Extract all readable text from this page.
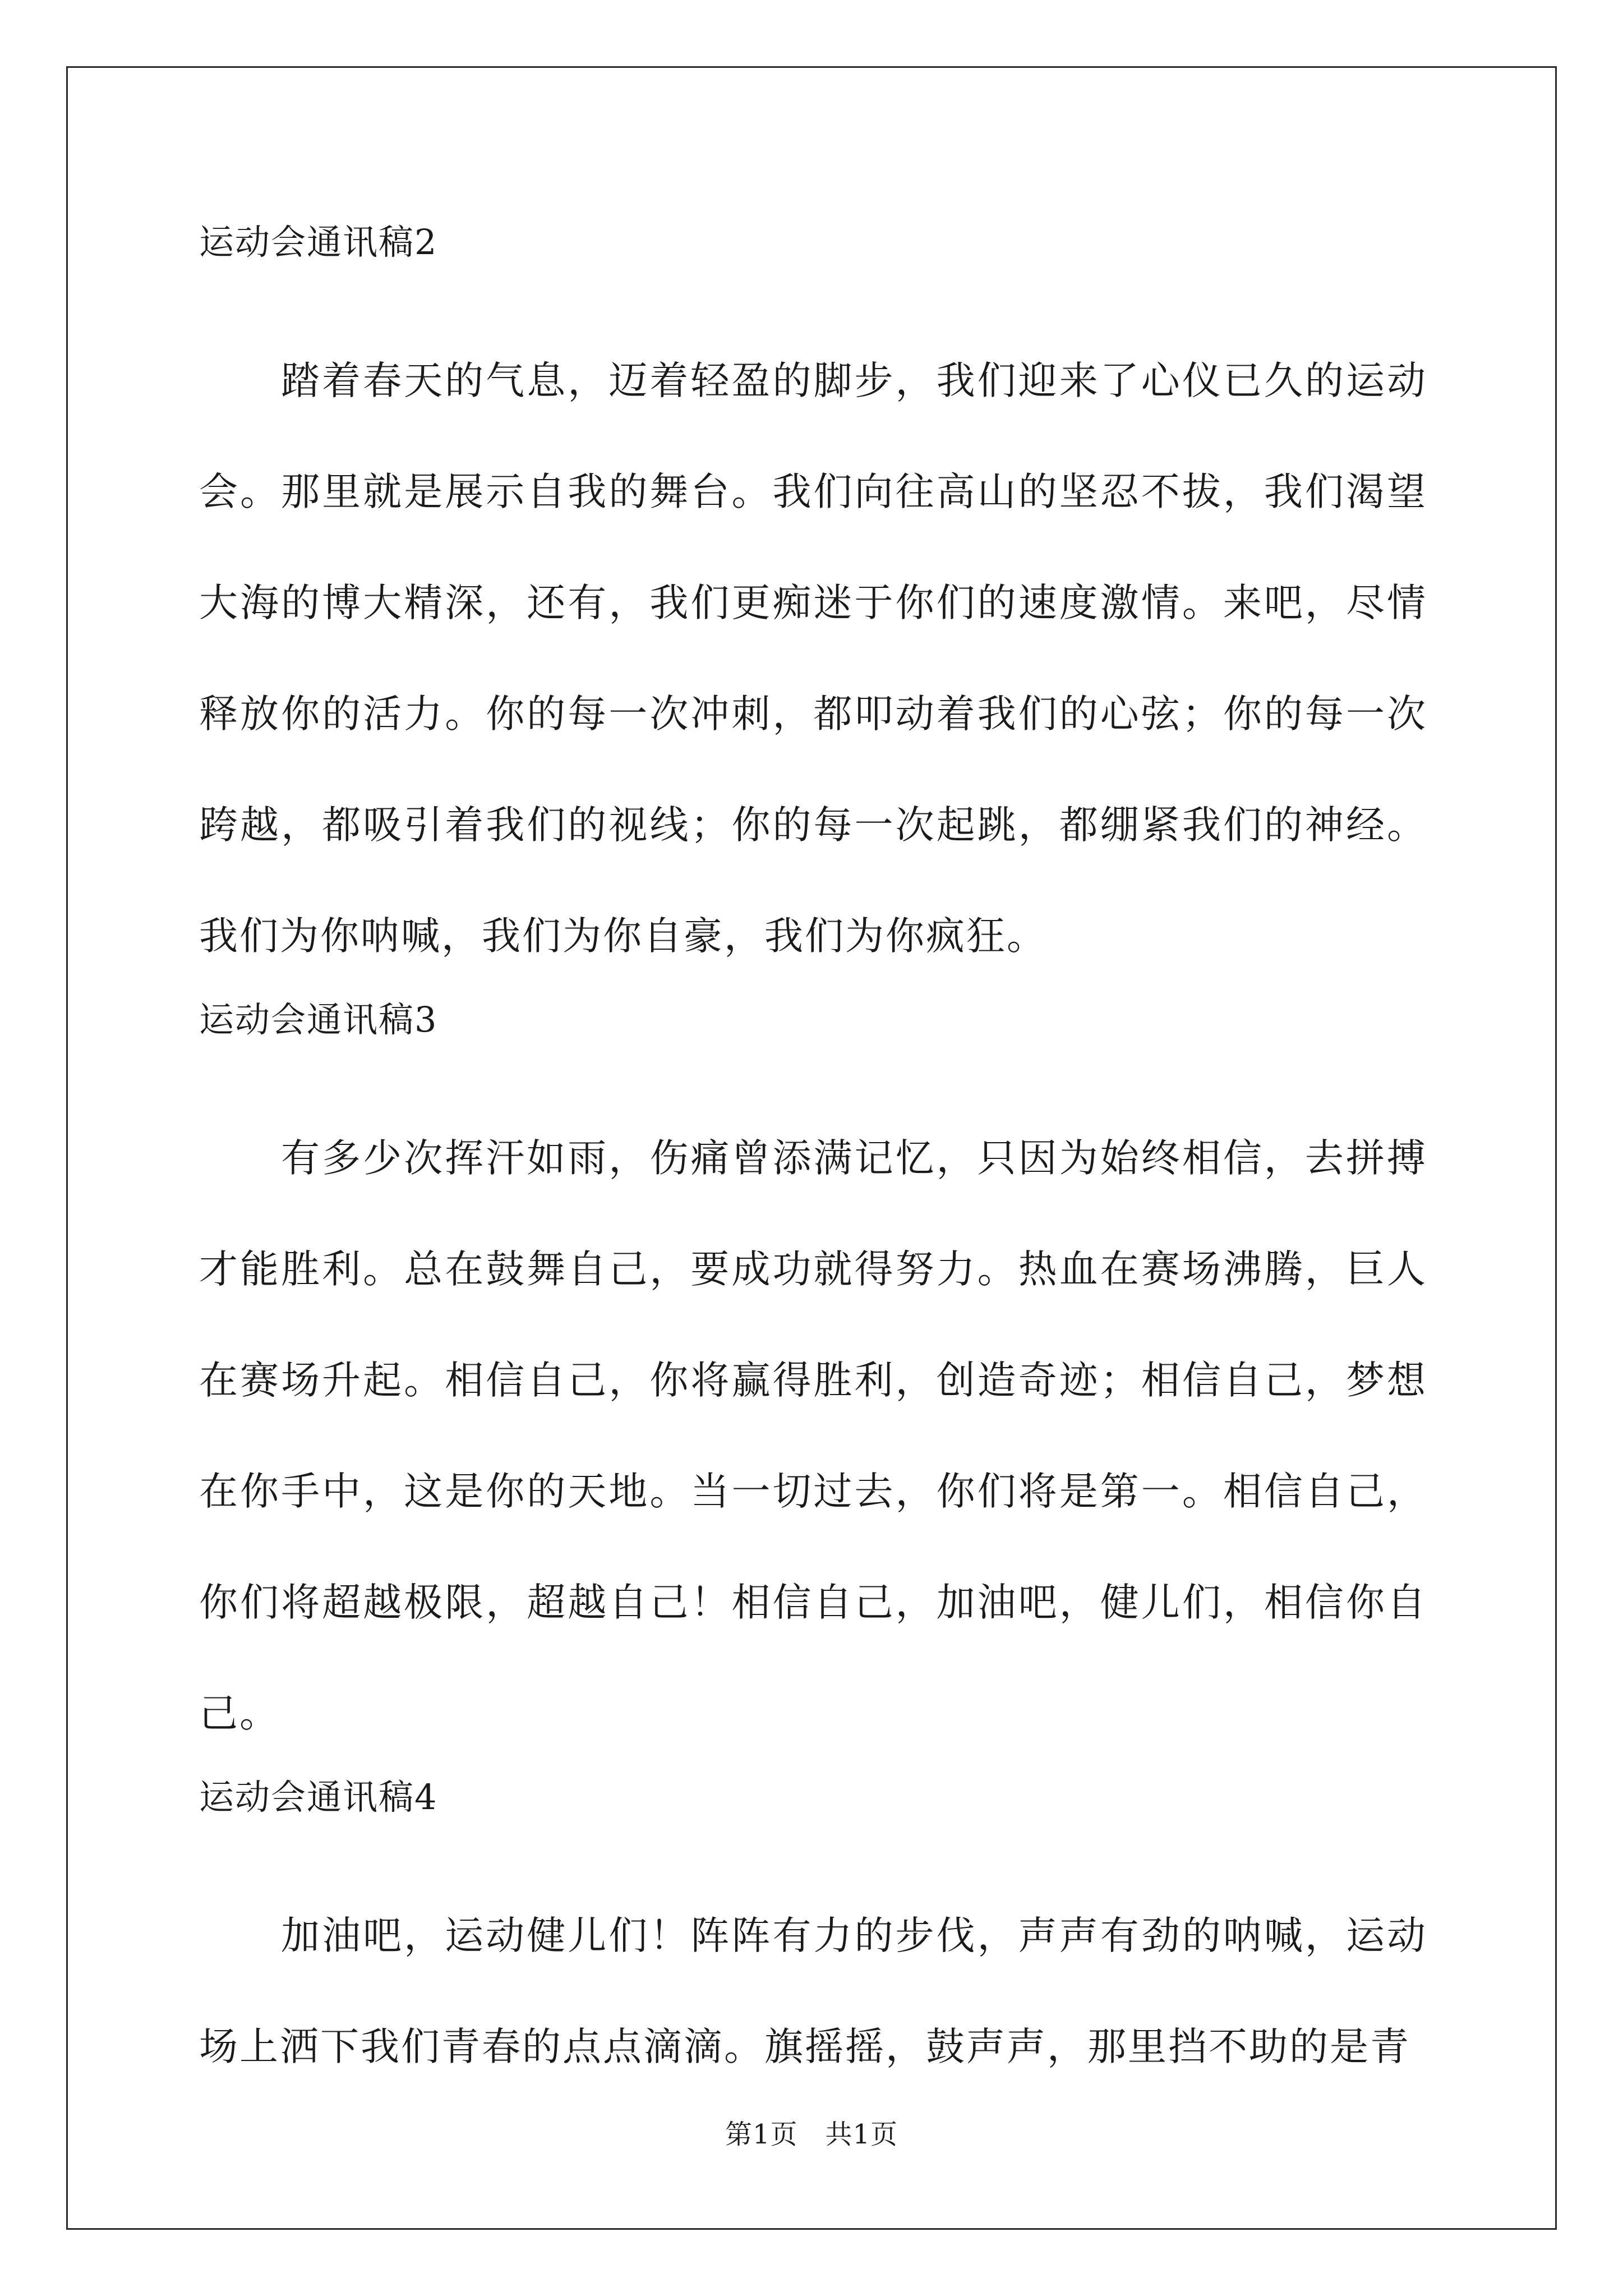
运动会通讯稿2

踏着春天的气息，迈着轻盈的脚步，我们迎来了心仪已久的运动会。那里就是展示自我的舞台。我们向往高山的坚忍不拔，我们渴望大海的博大精深，还有，我们更痴迷于你们的速度激情。来吧，尽情释放你的活力。你的每一次冲刺，都叩动着我们的心弦；你的每一次跨越，都吸引着我们的视线；你的每一次起跳，都绷紧我们的神经。我们为你呐喊，我们为你自豪，我们为你疯狂。

运动会通讯稿3

有多少次挥汗如雨，伤痛曾添满记忆，只因为始终相信，去拼搏才能胜利。总在鼓舞自己，要成功就得努力。热血在赛场沸腾，巨人在赛场升起。相信自己，你将赢得胜利，创造奇迹；相信自己，梦想在你手中，这是你的天地。当一切过去，你们将是第一。相信自己，你们将超越极限，超越自己！相信自己，加油吧，健儿们，相信你自己。

运动会通讯稿4

加油吧，运动健儿们！阵阵有力的步伐，声声有劲的呐喊，运动场上洒下我们青春的点点滴滴。旗摇摇，鼓声声，那里挡不助的是青

第1页　共1页
